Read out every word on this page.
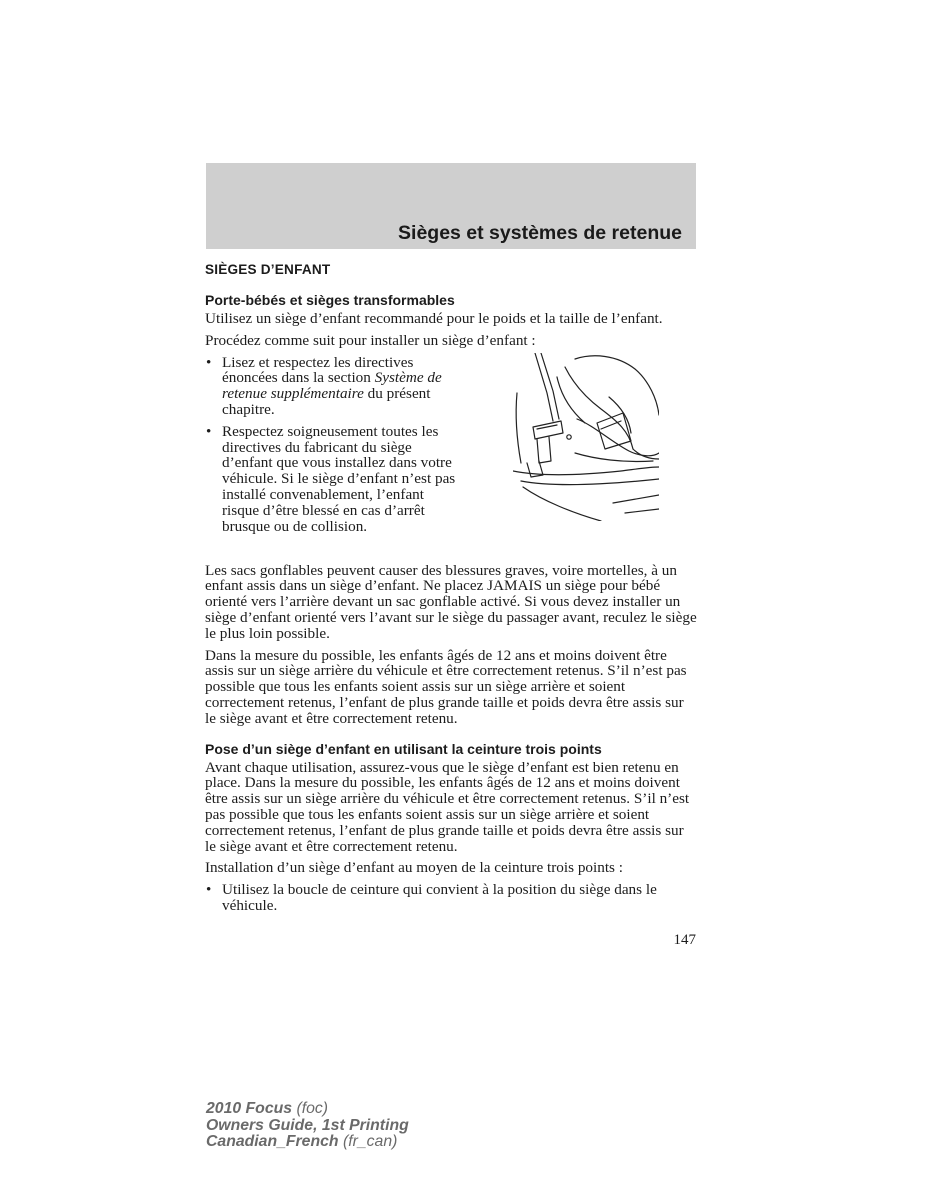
Sièges et systèmes de retenue
SIÈGES D’ENFANT
Porte-bébés et sièges transformables

Utilisez un siège d’enfant recommandé pour le poids et la taille de l’enfant.

Procédez comme suit pour installer un siège d’enfant :

• Lisez et respectez les directives énoncées dans la section Système de retenue supplémentaire du présent chapitre.
• Respectez soigneusement toutes les directives du fabricant du siège d’enfant que vous installez dans votre véhicule. Si le siège d’enfant n’est pas installé convenablement, l’enfant risque d’être blessé en cas d’arrêt brusque ou de collision.

Les sacs gonflables peuvent causer des blessures graves, voire mortelles, à un enfant assis dans un siège d’enfant. Ne placez JAMAIS un siège pour bébé orienté vers l’arrière devant un sac gonflable activé. Si vous devez installer un siège d’enfant orienté vers l’avant sur le siège du passager avant, reculez le siège le plus loin possible.

Dans la mesure du possible, les enfants âgés de 12 ans et moins doivent être assis sur un siège arrière du véhicule et être correctement retenus. S’il n’est pas possible que tous les enfants soient assis sur un siège arrière et soient correctement retenus, l’enfant de plus grande taille et poids devra être assis sur le siège avant et être correctement retenu.

Pose d’un siège d’enfant en utilisant la ceinture trois points

Avant chaque utilisation, assurez-vous que le siège d’enfant est bien retenu en place. Dans la mesure du possible, les enfants âgés de 12 ans et moins doivent être assis sur un siège arrière du véhicule et être correctement retenus. S’il n’est pas possible que tous les enfants soient assis sur un siège arrière et soient correctement retenus, l’enfant de plus grande taille et poids devra être assis sur le siège avant et être correctement retenu.

Installation d’un siège d’enfant au moyen de la ceinture trois points :

• Utilisez la boucle de ceinture qui convient à la position du siège dans le véhicule.
147
2010 Focus (foc)
Owners Guide, 1st Printing
Canadian_French (fr_can)
